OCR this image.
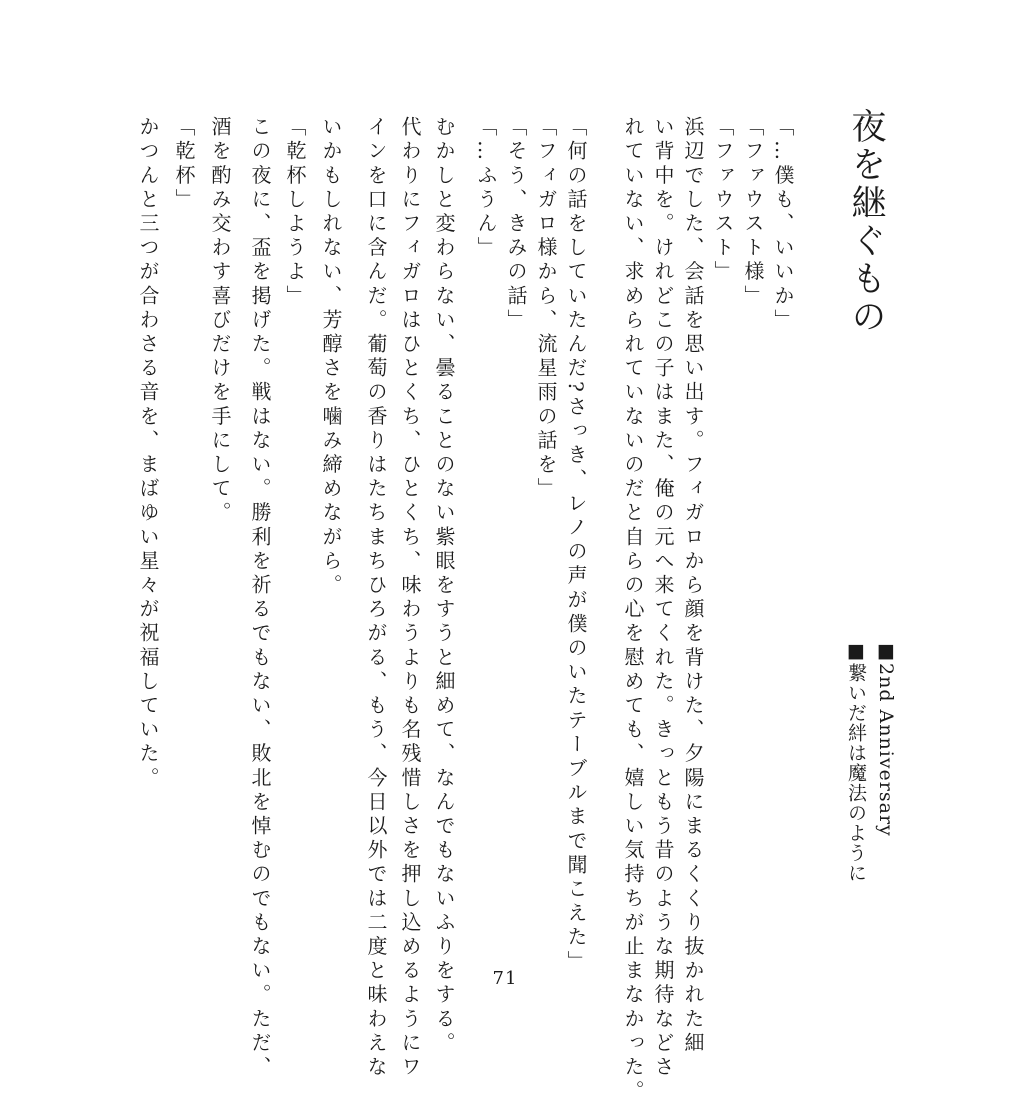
夜を継ぐもの
■2nd Anniversary
■繋いだ絆は魔法のように
「…僕も、いいか」
「ファウスト様」
「ファウスト」
浜辺でした、会話を思い出す。フィガロから顔を背けた、夕陽にまるくくり抜かれた細
い背中を。けれどこの子はまた、俺の元へ来てくれた。きっともう昔のような期待などさ
れていない、求められていないのだと自らの心を慰めても、嬉しい気持ちが止まなかった。
「何の話をしていたんだ?さっき、レノの声が僕のいたテーブルまで聞こえた」
「フィガロ様から、流星雨の話を」
「そう、きみの話」
「…ふうん」
むかしと変わらない、曇ることのない紫眼をすうと細めて、なんでもないふりをする。
代わりにフィガロはひとくち、ひとくち、味わうよりも名残惜しさを押し込めるようにワ
インを口に含んだ。葡萄の香りはたちまちひろがる、もう、今日以外では二度と味わえな
いかもしれない、芳醇さを噛み締めながら。
「乾杯しようよ」
この夜に、盃を掲げた。戦はない。勝利を祈るでもない、敗北を悼むのでもない。ただ、
酒を酌み交わす喜びだけを手にして。
「乾杯」
かつんと三つが合わさる音を、まばゆい星々が祝福していた。
71
